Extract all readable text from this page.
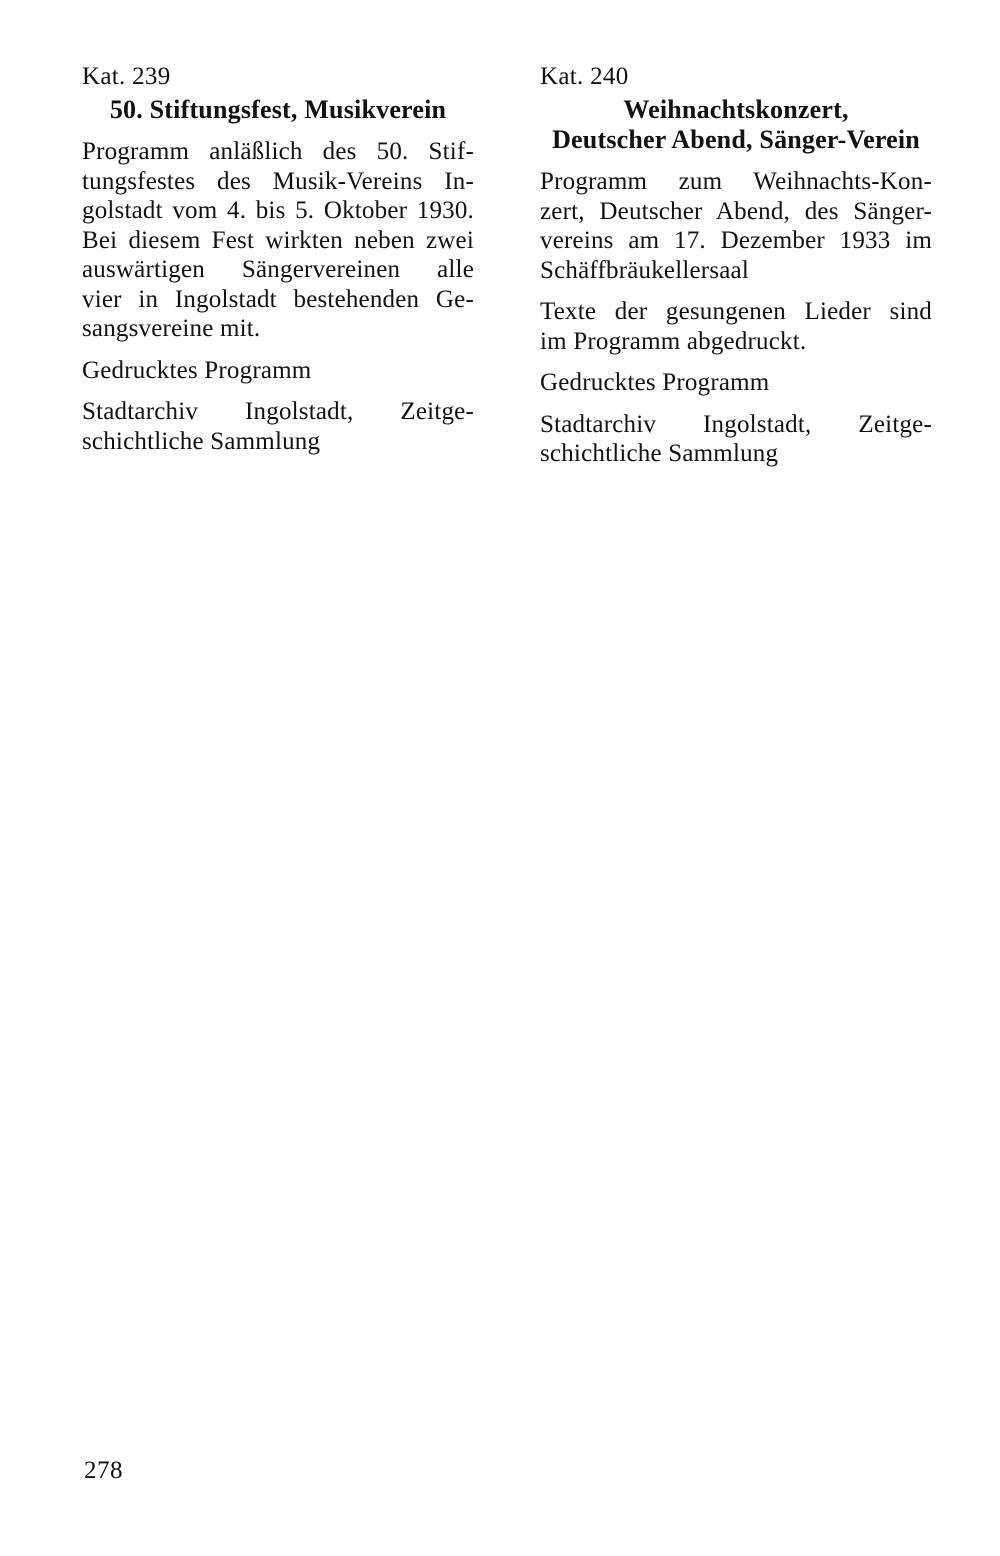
Kat. 239
50. Stiftungsfest, Musikverein
Programm anläßlich des 50. Stif-
tungsfestes des Musik-Vereins In-
golstadt vom 4. bis 5. Oktober 1930.
Bei diesem Fest wirkten neben zwei
auswärtigen Sängervereinen alle
vier in Ingolstadt bestehenden Ge-
sangsvereine mit.
Gedrucktes Programm
Stadtarchiv Ingolstadt, Zeitge-
schichtliche Sammlung
Kat. 240
Weihnachtskonzert,
Deutscher Abend, Sänger-Verein
Programm zum Weihnachts-Kon-
zert, Deutscher Abend, des Sänger-
vereins am 17. Dezember 1933 im
Schäffbräukellersaal
Texte der gesungenen Lieder sind
im Programm abgedruckt.
Gedrucktes Programm
Stadtarchiv Ingolstadt, Zeitge-
schichtliche Sammlung
278
